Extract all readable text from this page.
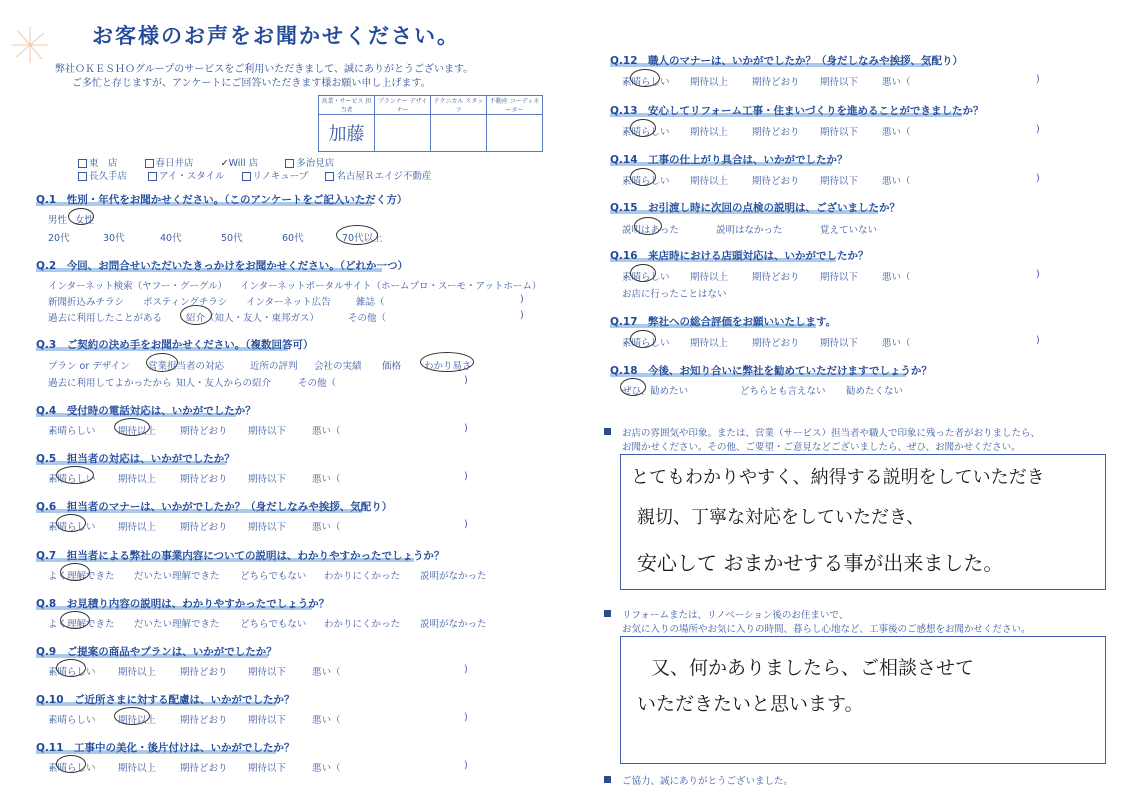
お客様のお声をお聞かせください。
弊社ＯＫＥＳＨＯグループのサービスをご利用いただきまして、誠にありがとうございます。
ご多忙と存じますが、アンケートにご回答いただきます様お願い申し上げます。
営業・サービス 担当者	プランナー デザイナー	テクニカル スタッフ	不動産 コーディネーター
加藤			
東　店	春日井店	✓Will 店	多治見店
長久手店	アイ・スタイル	リノキューブ	名古屋Ｒエイジ不動産
Q.1　性別・年代をお聞かせください。（このアンケートをご記入いただく方）
男性 女性
20代	30代	40代	50代	60代	70代以上
Q.2　今回、お問合せいただいたきっかけをお聞かせください。（どれか一つ）
インターネット検索（ヤフー・グーグル） インターネットポータルサイト（ホームプロ・スーモ・アットホーム）
新聞折込みチラシ ポスティングチラシ インターネット広告	雑誌（	)
過去に利用したことがある	紹介（知人・友人・東邦ガス）	その他（	)
Q.3　ご契約の決め手をお聞かせください。（複数回答可）
プラン or デザイン 営業担当者の対応	近所の評判 会社の実績 価格 わかり易さ
過去に利用してよかったから 知人・友人からの紹介	その他（	)
Q.4　受付時の電話対応は、いかがでしたか？
素晴らしい 期待以上	期待どおり 期待以下	悪い（	)
Q.5　担当者の対応は、いかがでしたか？
素晴らしい 期待以上	期待どおり 期待以下	悪い（	)
Q.6　担当者のマナーは、いかがでしたか？（身だしなみや挨拶、気配り）
素晴らしい 期待以上	期待どおり 期待以下	悪い（	)
Q.7　担当者による弊社の事業内容についての説明は、わかりやすかったでしょうか？
よく理解できた だいたい理解できた どちらでもない わかりにくかった 説明がなかった
Q.8　お見積り内容の説明は、わかりやすかったでしょうか？
よく理解できた だいたい理解できた どちらでもない わかりにくかった 説明がなかった
Q.9　ご提案の商品やプランは、いかがでしたか？
素晴らしい 期待以上	期待どおり 期待以下	悪い（	)
Q.10　ご近所さまに対する配慮は、いかがでしたか？
素晴らしい 期待以上	期待どおり 期待以下	悪い（	)
Q.11　工事中の美化・後片付けは、いかがでしたか？
素晴らしい 期待以上	期待どおり 期待以下	悪い（	)
Q.12　職人のマナーは、いかがでしたか？（身だしなみや挨拶、気配り）
素晴らしい 期待以上	期待どおり 期待以下	悪い（	)
Q.13　安心してリフォーム工事・住まいづくりを進めることができましたか？
素晴らしい 期待以上	期待どおり 期待以下	悪い（	)
Q.14　工事の仕上がり具合は、いかがでしたか？
素晴らしい 期待以上	期待どおり 期待以下	悪い（	)
Q.15　お引渡し時に次回の点検の説明は、ございましたか？
説明はあった	説明はなかった	覚えていない
Q.16　来店時における店頭対応は、いかがでしたか？
素晴らしい 期待以上	期待どおり 期待以下	悪い（	)
お店に行ったことはない
Q.17　弊社への総合評価をお願いいたします。
素晴らしい 期待以上	期待どおり 期待以下	悪い（	)
Q.18　今後、お知り合いに弊社を勧めていただけますでしょうか？
ぜひ、勧めたい	どちらとも言えない 勧めたくない
お店の雰囲気や印象。または、営業（サービス）担当者や職人で印象に残った者がおりましたら、
お聞かせください。その他、ご要望・ご意見などございましたら、ぜひ、お聞かせください。
とてもわかりやすく、納得する説明をしていただき
親切、丁寧な対応をしていただき、
安心して おまかせする事が出来ました。
リフォームまたは、リノベーション後のお住まいで、
お気に入りの場所やお気に入りの時間、暮らし心地など、工事後のご感想をお聞かせください。
又、何かありましたら、ご相談させて
いただきたいと思います。
ご協力、誠にありがとうございました。
